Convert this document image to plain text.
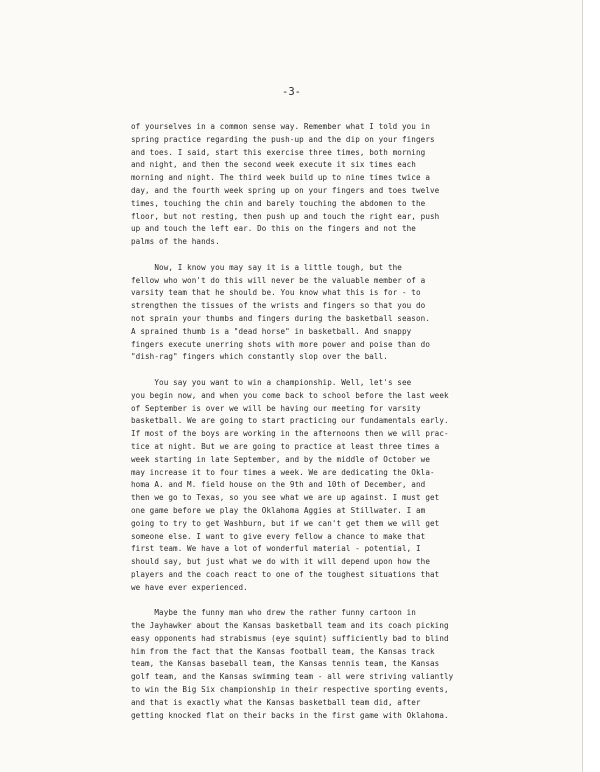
-3-

of yourselves in a common sense way. Remember what I told you in
spring practice regarding the push-up and the dip on your fingers
and toes. I said, start this exercise three times, both morning
and night, and then the second week execute it six times each
morning and night. The third week build up to nine times twice a
day, and the fourth week spring up on your fingers and toes twelve
times, touching the chin and barely touching the abdomen to the
floor, but not resting, then push up and touch the right ear, push
up and touch the left ear. Do this on the fingers and not the
palms of the hands.

Now, I know you may say it is a little tough, but the
fellow who won't do this will never be the valuable member of a
varsity team that he should be. You know what this is for - to
strengthen the tissues of the wrists and fingers so that you do
not sprain your thumbs and fingers during the basketball season.
A sprained thumb is a "dead horse" in basketball. And snappy
fingers execute unerring shots with more power and poise than do
"dish-rag" fingers which constantly slop over the ball.

You say you want to win a championship. Well, let's see
you begin now, and when you come back to school before the last week
of September is over we will be having our meeting for varsity
basketball. We are going to start practicing our fundamentals early.
If most of the boys are working in the afternoons then we will prac-
tice at night. But we are going to practice at least three times a
week starting in late September, and by the middle of October we
may increase it to four times a week. We are dedicating the Okla-
homa A. and M. field house on the 9th and 10th of December, and
then we go to Texas, so you see what we are up against. I must get
one game before we play the Oklahoma Aggies at Stillwater. I am
going to try to get Washburn, but if we can't get them we will get
someone else. I want to give every fellow a chance to make that
first team. We have a lot of wonderful material - potential, I
should say, but just what we do with it will depend upon how the
players and the coach react to one of the toughest situations that
we have ever experienced.

Maybe the funny man who drew the rather funny cartoon in
the Jayhawker about the Kansas basketball team and its coach picking
easy opponents had strabismus (eye squint) sufficiently bad to blind
him from the fact that the Kansas football team, the Kansas track
team, the Kansas baseball team, the Kansas tennis team, the Kansas
golf team, and the Kansas swimming team - all were striving valiantly
to win the Big Six championship in their respective sporting events,
and that is exactly what the Kansas basketball team did, after
getting knocked flat on their backs in the first game with Oklahoma.
